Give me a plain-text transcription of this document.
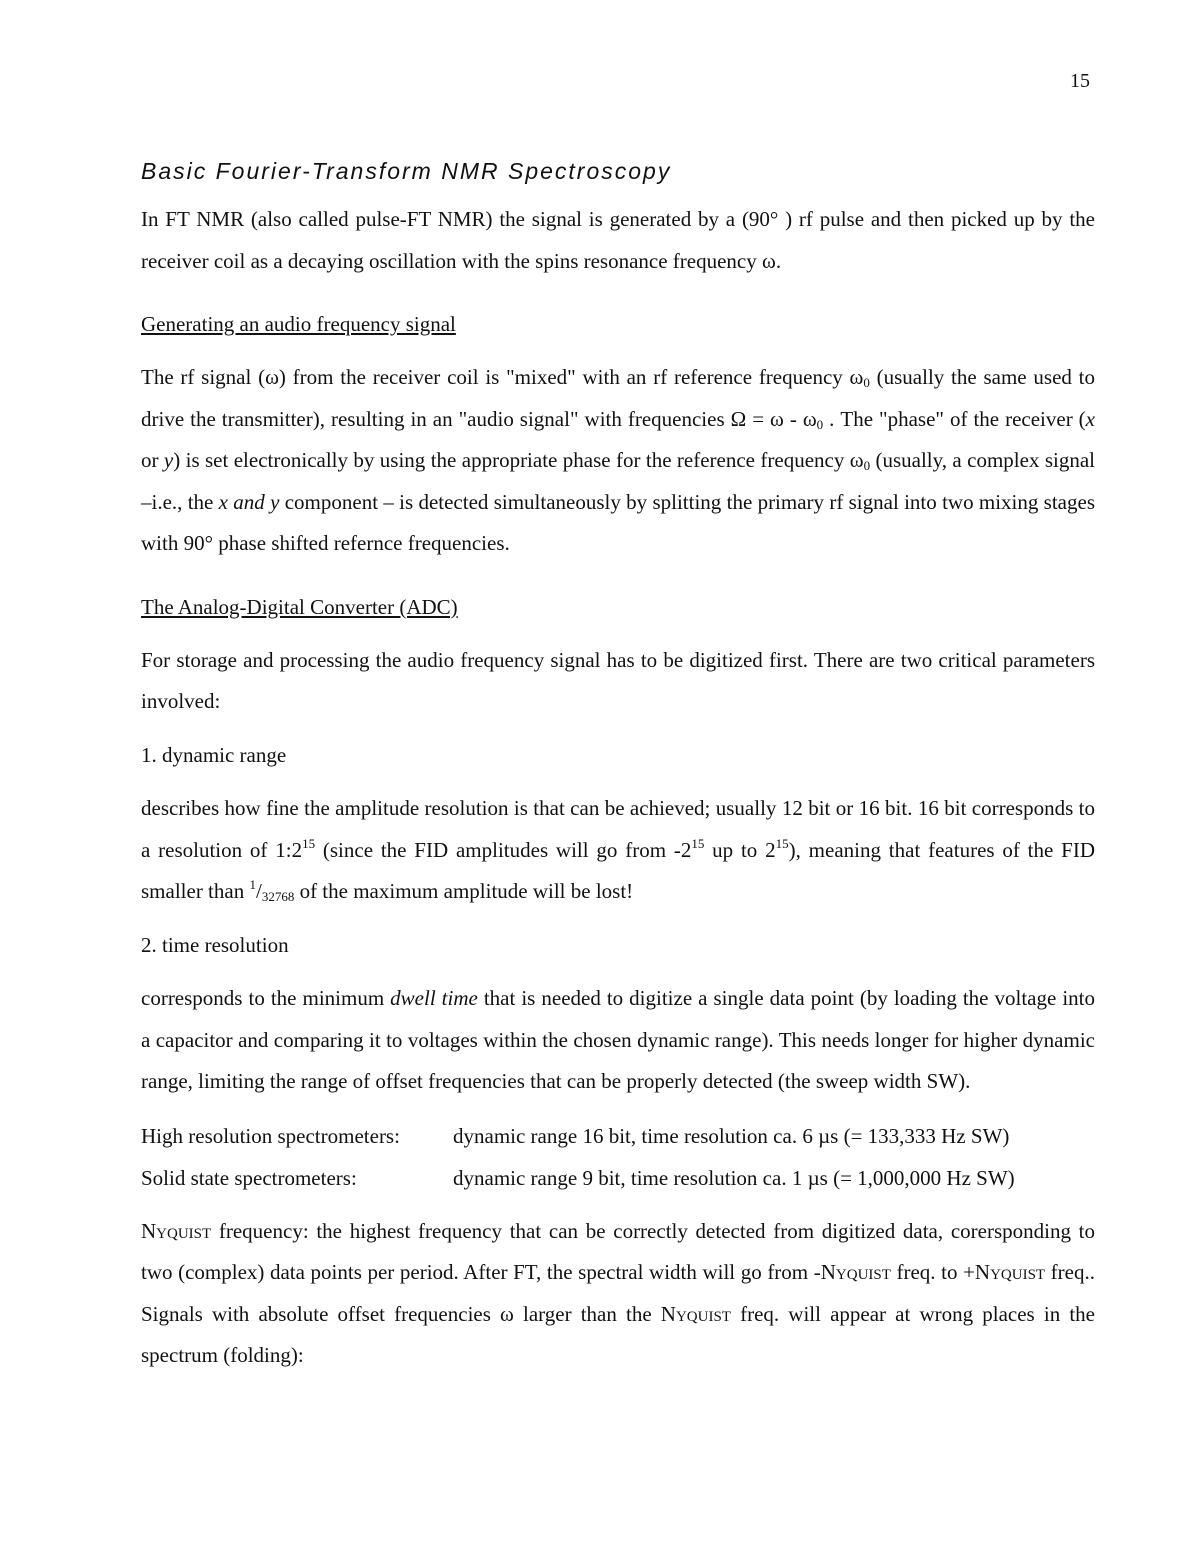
15
Basic Fourier-Transform NMR Spectroscopy

In FT NMR (also called pulse-FT NMR) the signal is generated by a (90° ) rf pulse and then picked up by the receiver coil as a decaying oscillation with the spins resonance frequency ω.

Generating an audio frequency signal

The rf signal (ω) from the receiver coil is "mixed" with an rf reference frequency $\omega_0$ (usually the same used to drive the transmitter), resulting in an "audio signal" with frequencies $\Omega = \omega - \omega_0$ . The "phase" of the receiver (x or y) is set electronically by using the appropriate phase for the reference frequency $\omega_0$ (usually, a complex signal –i.e., the x and y component – is detected simultaneously by splitting the primary rf signal into two mixing stages with 90° phase shifted refernce frequencies.

The Analog-Digital Converter (ADC)

For storage and processing the audio frequency signal has to be digitized first. There are two critical parameters involved:

1. dynamic range

describes how fine the amplitude resolution is that can be achieved; usually 12 bit or 16 bit. 16 bit corresponds to a resolution of $1:2^{15}$ (since the FID amplitudes will go from $-2^{15}$ up to $2^{15}$), meaning that features of the FID smaller than $^1/_{32768}$ of the maximum amplitude will be lost!

2. time resolution

corresponds to the minimum dwell time that is needed to digitize a single data point (by loading the voltage into a capacitor and comparing it to voltages within the chosen dynamic range). This needs longer for higher dynamic range, limiting the range of offset frequencies that can be properly detected (the sweep width SW).

High resolution spectrometers:	dynamic range 16 bit, time resolution ca. 6 µs (= 133,333 Hz SW)
Solid state spectrometers:	dynamic range 9 bit, time resolution ca. 1 µs (= 1,000,000 Hz SW)

Nyquist frequency: the highest frequency that can be correctly detected from digitized data, corersponding to two (complex) data points per period. After FT, the spectral width will go from -Nyquist freq. to +Nyquist freq.. Signals with absolute offset frequencies ω larger than the Nyquist freq. will appear at wrong places in the spectrum (folding):
